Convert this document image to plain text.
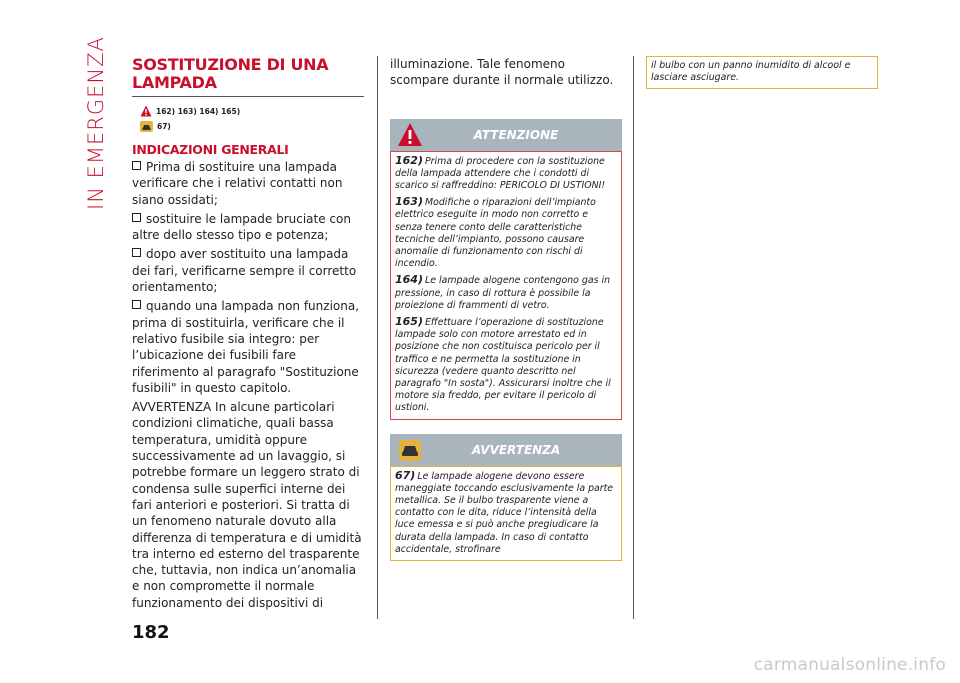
IN EMERGENZA SOSTITUZIONE DI UNA LAMPADA
162) 163) 164) 165)
67)
INDICAZIONI GENERALI
Prima di sostituire una lampada verificare che i relativi contatti non siano ossidati;
sostituire le lampade bruciate con altre dello stesso tipo e potenza;
dopo aver sostituito una lampada dei fari, verificarne sempre il corretto orientamento;
quando una lampada non funziona, prima di sostituirla, verificare che il relativo fusibile sia integro: per l’ubicazione dei fusibili fare riferimento al paragrafo "Sostituzione fusibili" in questo capitolo.

AVVERTENZA In alcune particolari condizioni climatiche, quali bassa temperatura, umidità oppure successivamente ad un lavaggio, si potrebbe formare un leggero strato di condensa sulle superfici interne dei fari anteriori e posteriori. Si tratta di un fenomeno naturale dovuto alla differenza di temperatura e di umidità tra interno ed esterno del trasparente che, tuttavia, non indica un’anomalia e non compromette il normale funzionamento dei dispositivi di

illuminazione. Tale fenomeno scompare durante il normale utilizzo.

ATTENZIONE

162) Prima di procedere con la sostituzione della lampada attendere che i condotti di scarico si raffreddino: PERICOLO DI USTIONI!

163) Modifiche o riparazioni dell’impianto elettrico eseguite in modo non corretto e senza tenere conto delle caratteristiche tecniche dell’impianto, possono causare anomalie di funzionamento con rischi di incendio.

164) Le lampade alogene contengono gas in pressione, in caso di rottura è possibile la proiezione di frammenti di vetro.

165) Effettuare l’operazione di sostituzione lampade solo con motore arrestato ed in posizione che non costituisca pericolo per il traffico e ne permetta la sostituzione in sicurezza (vedere quanto descritto nel paragrafo "In sosta"). Assicurarsi inoltre che il motore sia freddo, per evitare il pericolo di ustioni.

AVVERTENZA

67) Le lampade alogene devono essere maneggiate toccando esclusivamente la parte metallica. Se il bulbo trasparente viene a contatto con le dita, riduce l’intensità della luce emessa e si può anche pregiudicare la durata della lampada. In caso di contatto accidentale, strofinare

il bulbo con un panno inumidito di alcool e lasciare asciugare.

182
carmanualsonline.info
